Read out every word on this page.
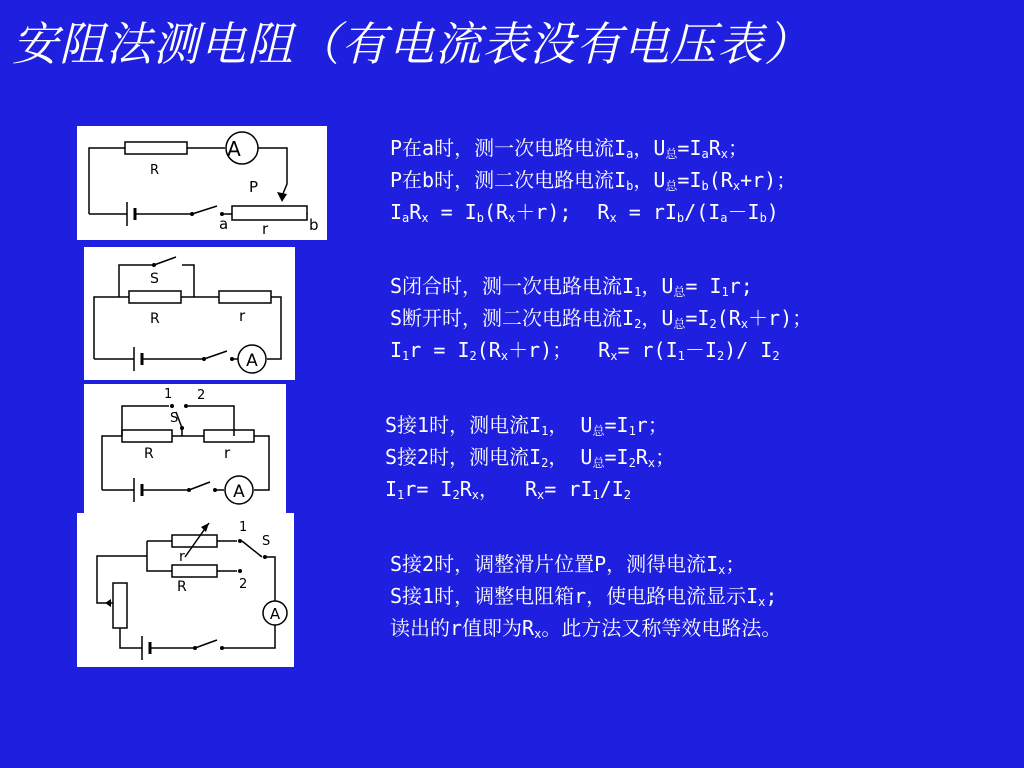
安阻法测电阻（有电流表没有电压表）
R
A
P
a r	b
S
R	r
A
1 2
S
R	r
A
r
R
1
S
2
A
P在a时，测一次电路电流$I_a$，$U_总=I_aR_x$；
P在b时，测二次电路电流$I_b$，$U_总=I_b(R_x+r)$；
$I_aR_x = I_b(R_x+r)$; $R_x = rI_b/(I_a-I_b)$
S闭合时，测一次电路电流$I_1$，$U_总= I_1r$;
S断开时，测二次电路电流$I_2$，$U_总=I_2(R_x+r)$；
$I_1r = I_2(R_x+r)$； $R_x= r(I_1-I_2)/$ $I_2$
S接1时，测电流$I_1$， $U_总=I_1r$；
S接2时，测电流$I_2$， $U_总=I_2R_x$；
$I_1r= I_2R_x$， $R_x= rI_1/I_2$
S接2时，调整滑片位置P，测得电流$I_x$；
S接1时，调整电阻箱r，使电路电流显示$I_x$;
读出的r值即为$R_x$。此方法又称等效电路法。
